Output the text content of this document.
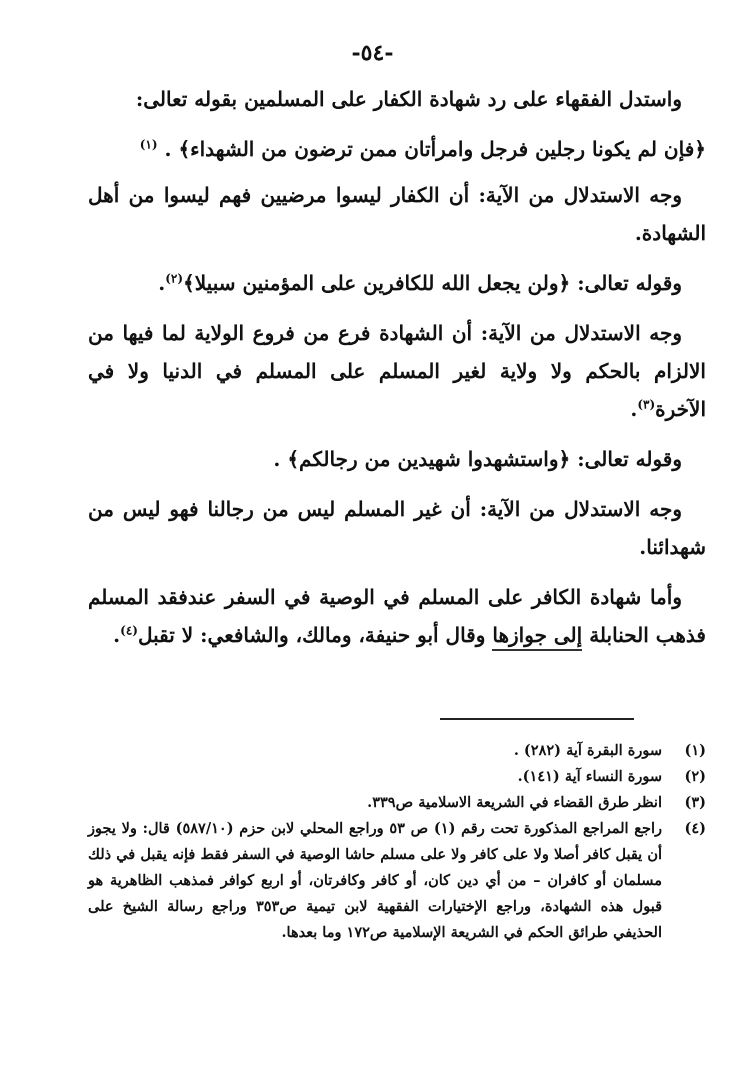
-٥٤-

واستدل الفقهاء على رد شهادة الكفار على المسلمين بقوله تعالى:

﴿فإن لم يكونا رجلين فرجل وامرأتان ممن ترضون من الشهداء﴾ . $^{(١)}$

وجه الاستدلال من الآية: أن الكفار ليسوا مرضيين فهم ليسوا من أهل الشهادة.

وقوله تعالى: ﴿ولن يجعل الله للكافرين على المؤمنين سبيلا﴾$^{(٢)}$.

وجه الاستدلال من الآية: أن الشهادة فرع من فروع الولاية لما فيها من الالزام بالحكم ولا ولاية لغير المسلم على المسلم في الدنيا ولا في الآخرة$^{(٣)}$.

وقوله تعالى: ﴿واستشهدوا شهيدين من رجالكم﴾ .

وجه الاستدلال من الآية: أن غير المسلم ليس من رجالنا فهو ليس من شهدائنا.

وأما شهادة الكافر على المسلم في الوصية في السفر عندفقد المسلم فذهب الحنابلة إلى جوازها وقال أبو حنيفة، ومالك، والشافعي: لا تقبل$^{(٤)}$.

(١)
سورة البقرة آية (٢٨٢) .
(٢)
سورة النساء آية (١٤١).
(٣)
انظر طرق القضاء في الشريعة الاسلامية ص٣٣٩.
(٤)
راجع المراجع المذكورة تحت رقم (١) ص ٥٣ وراجع المحلي لابن حزم (٥٨٧/١٠) قال: ولا يجوز أن يقبل كافر أصلا ولا على كافر ولا على مسلم حاشا الوصية في السفر فقط فإنه يقبل في ذلك مسلمان أو كافران – من أي دين كان، أو كافر وكافرتان، أو اربع كوافر فمذهب الظاهرية هو قبول هذه الشهادة، وراجع الإختيارات الفقهية لابن تيمية ص٣٥٣ وراجع رسالة الشيخ على الحذيفي طرائق الحكم في الشريعة الإسلامية ص١٧٢ وما بعدها.
